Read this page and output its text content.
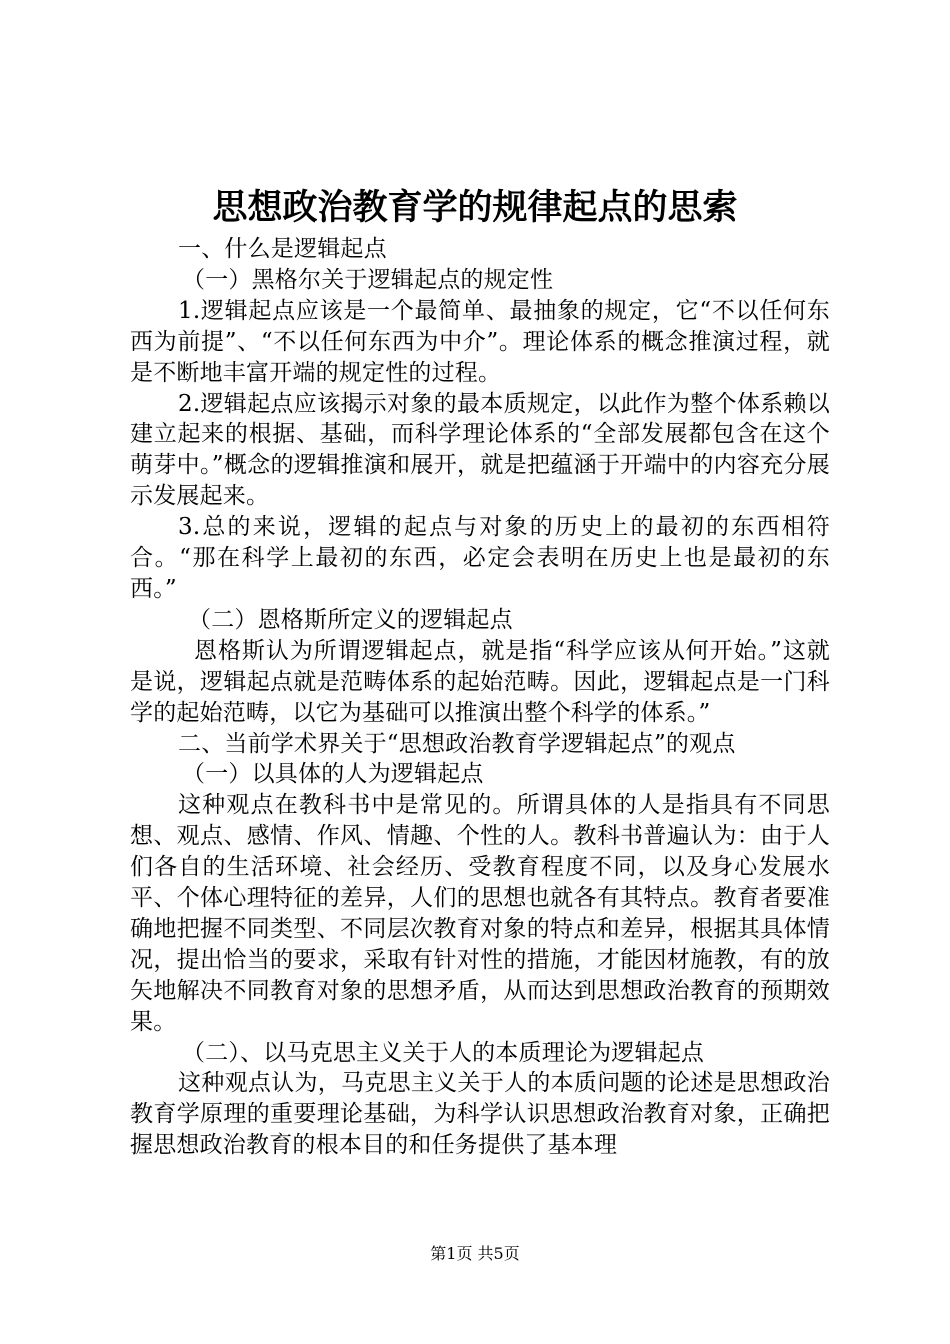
思想政治教育学的规律起点的思索

一、什么是逻辑起点

（一）黑格尔关于逻辑起点的规定性

1.逻辑起点应该是一个最简单、最抽象的规定，它“不以任何东西为前提”、“不以任何东西为中介”。理论体系的概念推演过程，就是不断地丰富开端的规定性的过程。

2.逻辑起点应该揭示对象的最本质规定，以此作为整个体系赖以建立起来的根据、基础，而科学理论体系的“全部发展都包含在这个萌芽中。”概念的逻辑推演和展开，就是把蕴涵于开端中的内容充分展示发展起来。

3.总的来说，逻辑的起点与对象的历史上的最初的东西相符合。“那在科学上最初的东西，必定会表明在历史上也是最初的东西。”

（二）恩格斯所定义的逻辑起点

恩格斯认为所谓逻辑起点，就是指“科学应该从何开始。”这就是说，逻辑起点就是范畴体系的起始范畴。因此，逻辑起点是一门科学的起始范畴，以它为基础可以推演出整个科学的体系。”

二、当前学术界关于“思想政治教育学逻辑起点”的观点

（一）以具体的人为逻辑起点

这种观点在教科书中是常见的。所谓具体的人是指具有不同思想、观点、感情、作风、情趣、个性的人。教科书普遍认为：由于人们各自的生活环境、社会经历、受教育程度不同，以及身心发展水平、个体心理特征的差异，人们的思想也就各有其特点。教育者要准确地把握不同类型、不同层次教育对象的特点和差异，根据其具体情况，提出恰当的要求，采取有针对性的措施，才能因材施教，有的放矢地解决不同教育对象的思想矛盾，从而达到思想政治教育的预期效果。

（二）、以马克思主义关于人的本质理论为逻辑起点

这种观点认为，马克思主义关于人的本质问题的论述是思想政治教育学原理的重要理论基础，为科学认识思想政治教育对象，正确把握思想政治教育的根本目的和任务提供了基本理

第1页 共5页
